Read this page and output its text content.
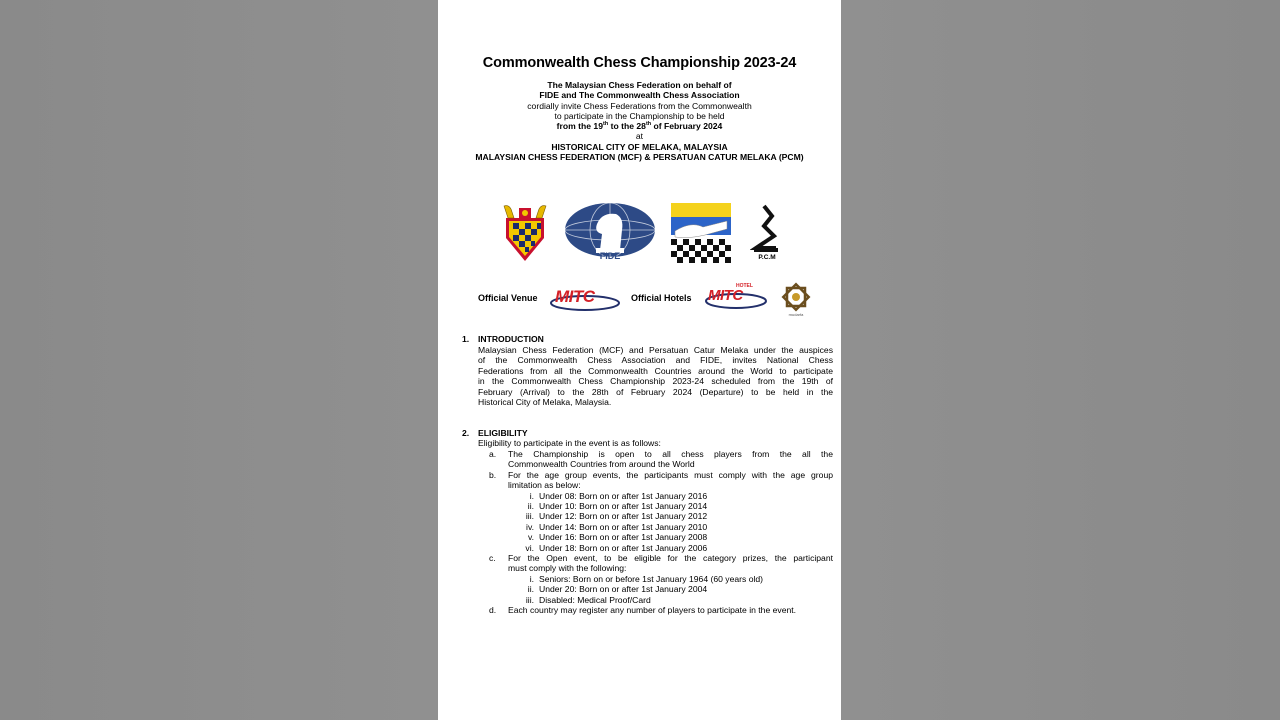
Commonwealth Chess Championship 2023-24
The Malaysian Chess Federation on behalf of
FIDE and The Commonwealth Chess Association
cordially invite Chess Federations from the Commonwealth
to participate in the Championship to be held
from the 19th to the 28th of February 2024
at
HISTORICAL CITY OF MELAKA, MALAYSIA
MALAYSIAN CHESS FEDERATION (MCF) & PERSATUAN CATUR MELAKA (PCM)
FIDE	P.C.M
Official Venue MITC	Official Hotels
HOTEL
MITC
mudarfa
1. INTRODUCTION
Malaysian Chess Federation (MCF) and Persatuan Catur Melaka under the auspices
of the Commonwealth Chess Association and FIDE, invites National Chess
Federations from all the Commonwealth Countries around the World to participate
in the Commonwealth Chess Championship 2023-24 scheduled from the 19th of
February (Arrival) to the 28th of February 2024 (Departure) to be held in the
Historical City of Melaka, Malaysia.
2. ELIGIBILITY
Eligibility to participate in the event is as follows:
a.	The Championship is open to all chess players from the all the
Commonwealth Countries from around the World
b. For the age group events, the participants must comply with the age group
limitation as below:
i. Under 08: Born on or after 1st January 2016
ii. Under 10: Born on or after 1st January 2014
iii. Under 12: Born on or after 1st January 2012
iv. Under 14: Born on or after 1st January 2010
v. Under 16: Born on or after 1st January 2008
vi. Under 18: Born on or after 1st January 2006
c. For the Open event, to be eligible for the category prizes, the participant
must comply with the following:
i. Seniors: Born on or before 1st January 1964 (60 years old)
ii. Under 20: Born on or after 1st January 2004
iii. Disabled: Medical Proof/Card
d. Each country may register any number of players to participate in the event.
